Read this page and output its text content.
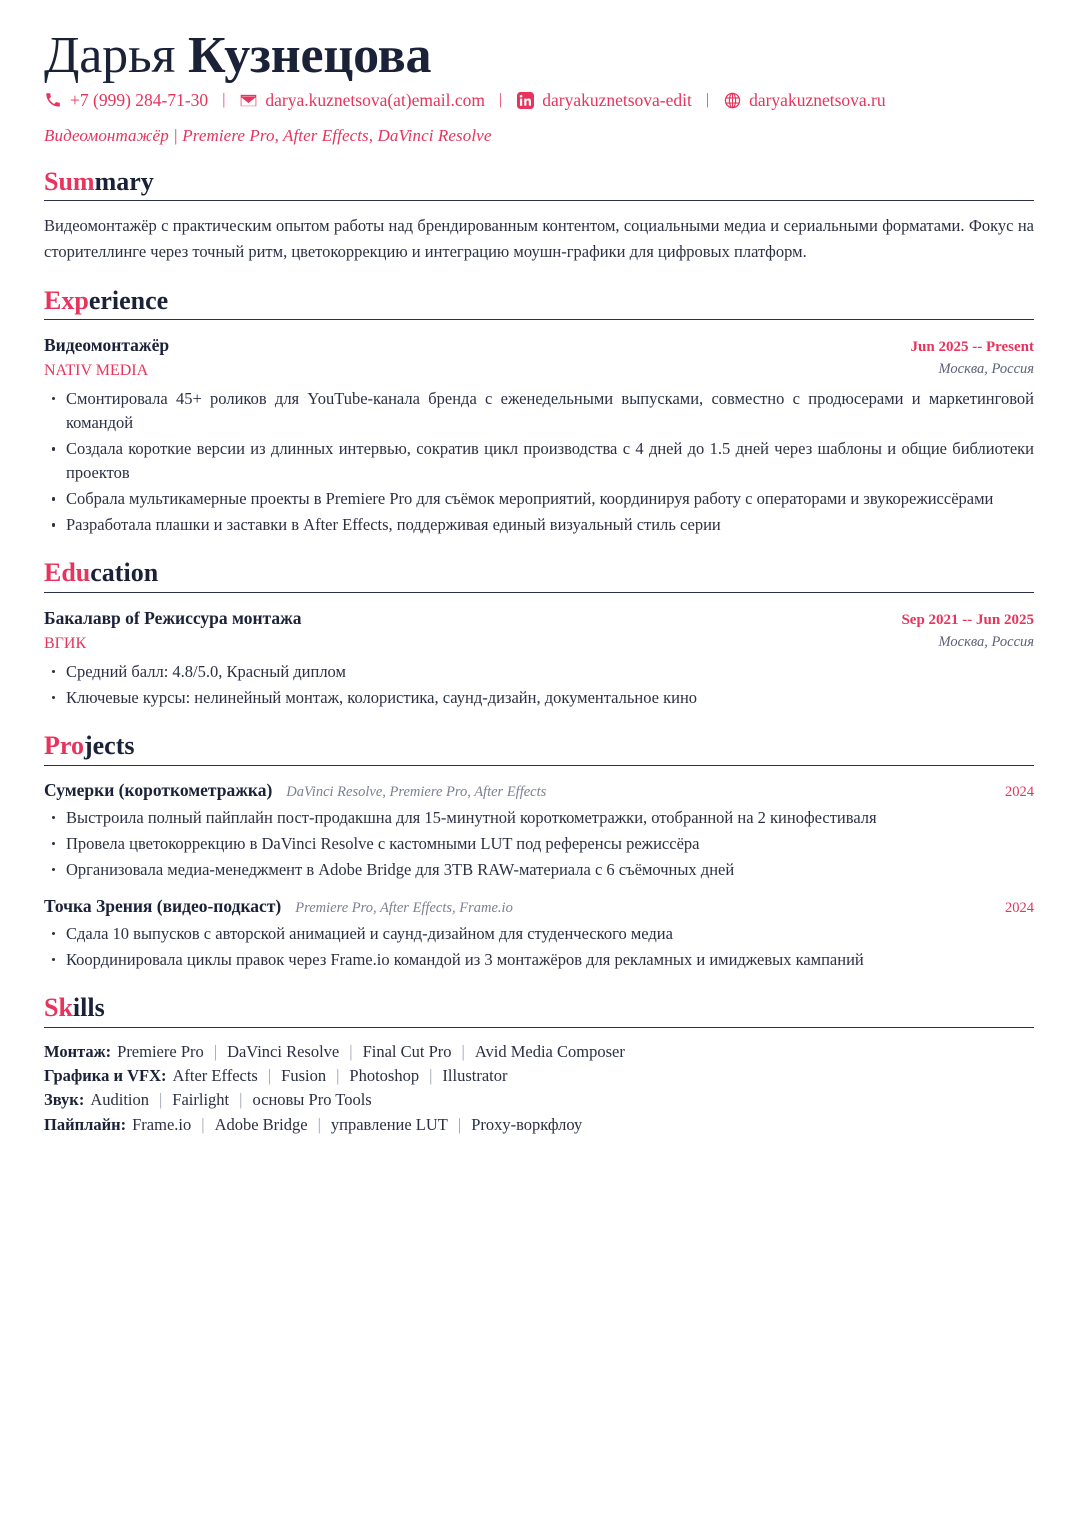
Дарья Кузнецова
+7 (999) 284-71-30 | darya.kuznetsova(at)email.com | daryakuznetsova-edit | daryakuznetsova.ru
Видеомонтажёр | Premiere Pro, After Effects, DaVinci Resolve
Summary

Видеомонтажёр с практическим опытом работы над брендированным контентом, социальными медиа и сериальными форматами. Фокус на сторителлинге через точный ритм, цветокоррекцию и интеграцию моушн-графики для цифровых платформ.

Experience
Видеомонтажёр
NATIV MEDIA
Jun 2025 -- Present
Москва, Россия
Смонтировала 45+ роликов для YouTube-канала бренда с еженедельными выпусками, совместно с продюсерами и маркетинговой командой
Создала короткие версии из длинных интервью, сократив цикл производства с 4 дней до 1.5 дней через шаблоны и общие библиотеки проектов
Собрала мультикамерные проекты в Premiere Pro для съёмок мероприятий, координируя работу с операторами и звукорежиссёрами
Разработала плашки и заставки в After Effects, поддерживая единый визуальный стиль серии
Education
Бакалавр of Режиссура монтажа
ВГИК
Sep 2021 -- Jun 2025
Москва, Россия
Средний балл: 4.8/5.0, Красный диплом
Ключевые курсы: нелинейный монтаж, колористика, саунд-дизайн, документальное кино
Projects
Сумерки (короткометражка) DaVinci Resolve, Premiere Pro, After Effects	2024
Выстроила полный пайплайн пост-продакшна для 15-минутной короткометражки, отобранной на 2 кинофестиваля
Провела цветокоррекцию в DaVinci Resolve с кастомными LUT под референсы режиссёра
Организовала медиа-менеджмент в Adobe Bridge для 3TB RAW-материала с 6 съёмочных дней
Точка Зрения (видео-подкаст) Premiere Pro, After Effects, Frame.io	2024
Сдала 10 выпусков с авторской анимацией и саунд-дизайном для студенческого медиа
Координировала циклы правок через Frame.io командой из 3 монтажёров для рекламных и имиджевых кампаний
Skills
Монтаж: Premiere Pro | DaVinci Resolve | Final Cut Pro | Avid Media Composer
Графика и VFX: After Effects | Fusion | Photoshop | Illustrator
Звук: Audition | Fairlight | основы Pro Tools
Пайплайн: Frame.io | Adobe Bridge | управление LUT | Proxy-воркфлоу
